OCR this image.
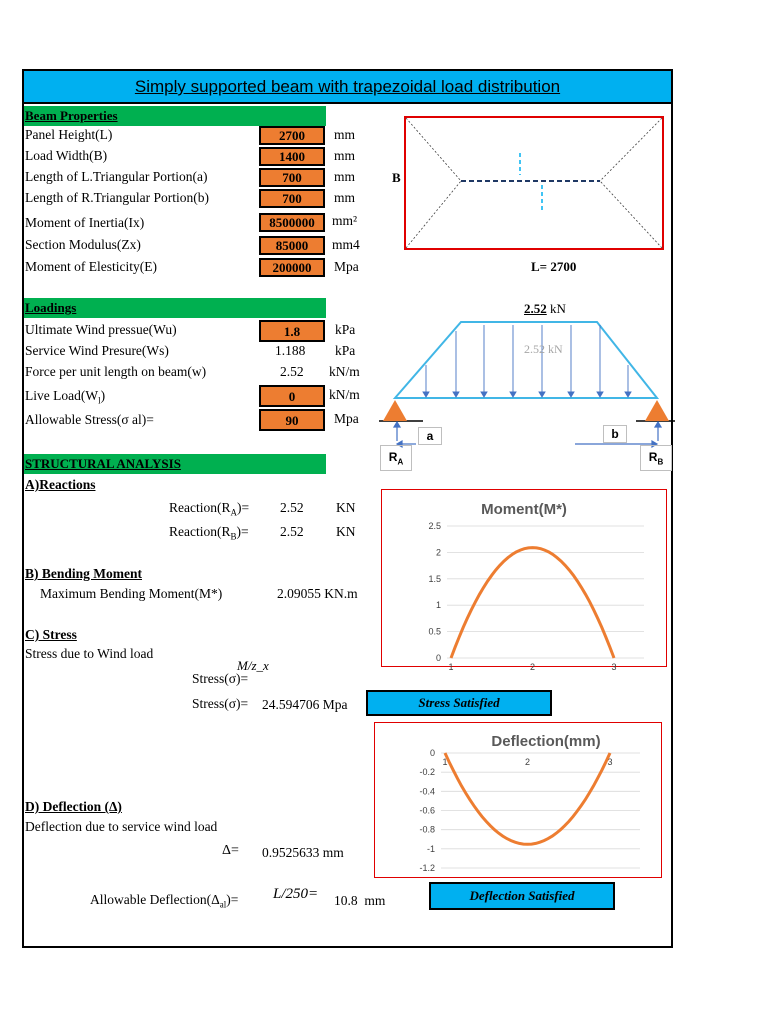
Simply supported beam with trapezoidal load distribution
Beam Properties
Panel Height(L)	2700	mm
Load Width(B)	1400	mm
Length of L.Triangular Portion(a)	700	mm
Length of R.Triangular Portion(b)	700	mm
Moment of Inertia(Ix)	8500000	mm²
Section Modulus(Zx)	85000	mm4
Moment of Elesticity(E)	200000	Mpa
B
L= 2700
Loadings
Ultimate Wind pressue(Wu)	1.8	kPa
Service Wind Presure(Ws)	1.188 kPa
Force per unit length on beam(w)	2.52 kN/m
Live $Load(W_l)$	0	kN/m
Allowable Stress(σ al)=	90	Mpa
2.52 kN
2.52 kN
a	b
$R_A$	$R_B$
STRUCTURAL ANALYSIS
A)Reactions
$Reaction(R_A)= 2.52$ KN
$Reaction(R_B)= 2.52$ KN
B) Bending Moment
Maximum Bending Moment(M*)	2.09055 KN.m
C) Stress
Stress due to Wind load
M/z_x
Stress(σ)=
Stress(σ)= 24.594706 Mpa	Stress Satisfied
D) Deflection (Δ)
Deflection due to service wind load
Δ= 0.9525633 mm
Allowable $Deflection(\Delta_{al})= L/250= 10.8$ mm	Deflection Satisfied
Moment(M*)
0
0.5
1
1.5
2
2.5
1	2	3
Deflection(mm)
0
-0.2
-0.4
-0.6
-0.8
-1
-1.2
1	2	3
